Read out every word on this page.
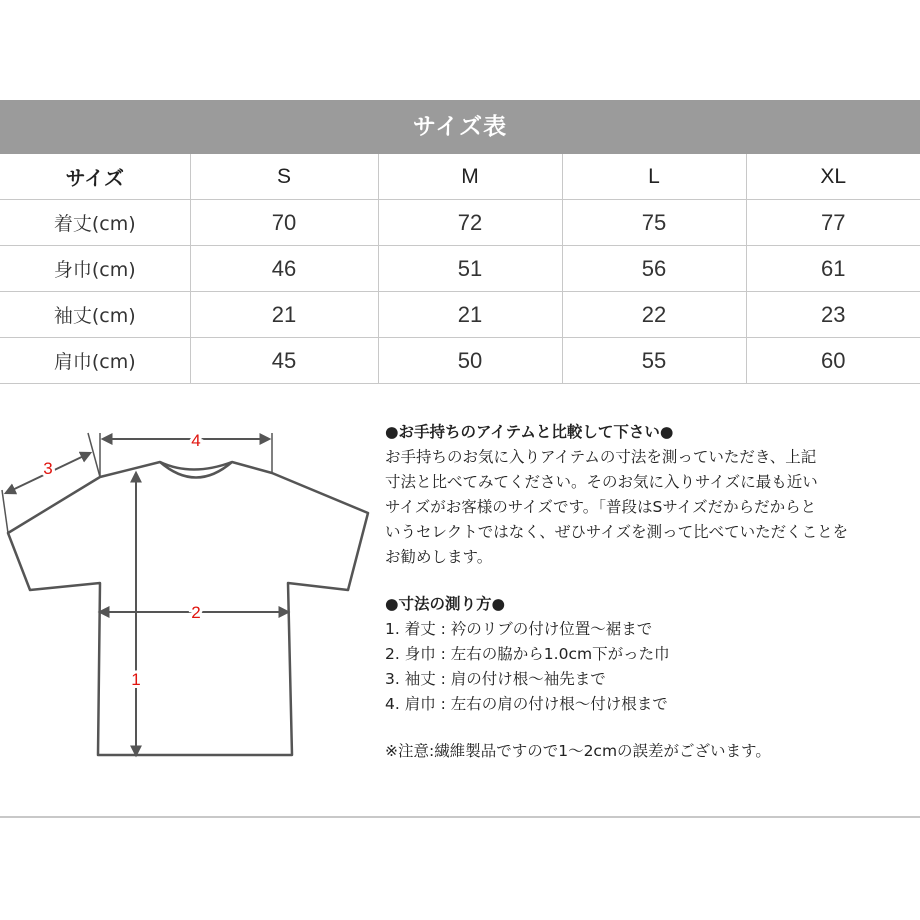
サイズ表
サイズ	S	M	L	XL
着丈(cm)	70	72	75	77
身巾(cm)	46	51	56	61
袖丈(cm)	21	21	22	23
肩巾(cm)	45	50	55	60
4
3
2
1

●お手持ちのアイテムと比較して下さい●

お手持ちのお気に入りアイテムの寸法を測っていただき、上記

寸法と比べてみてください。そのお気に入りサイズに最も近い

サイズがお客様のサイズです。「普段はSサイズだからだからと

いうセレクトではなく、ぜひサイズを測って比べていただくことを

お勧めします。

●寸法の測り方●

1. 着丈 : 衿のリブの付け位置～裾まで
2. 身巾 : 左右の脇から1.0cm下がった巾
3. 袖丈 : 肩の付け根～袖先まで
4. 肩巾 : 左右の肩の付け根～付け根まで

※注意:繊維製品ですので1～2cmの誤差がございます。
